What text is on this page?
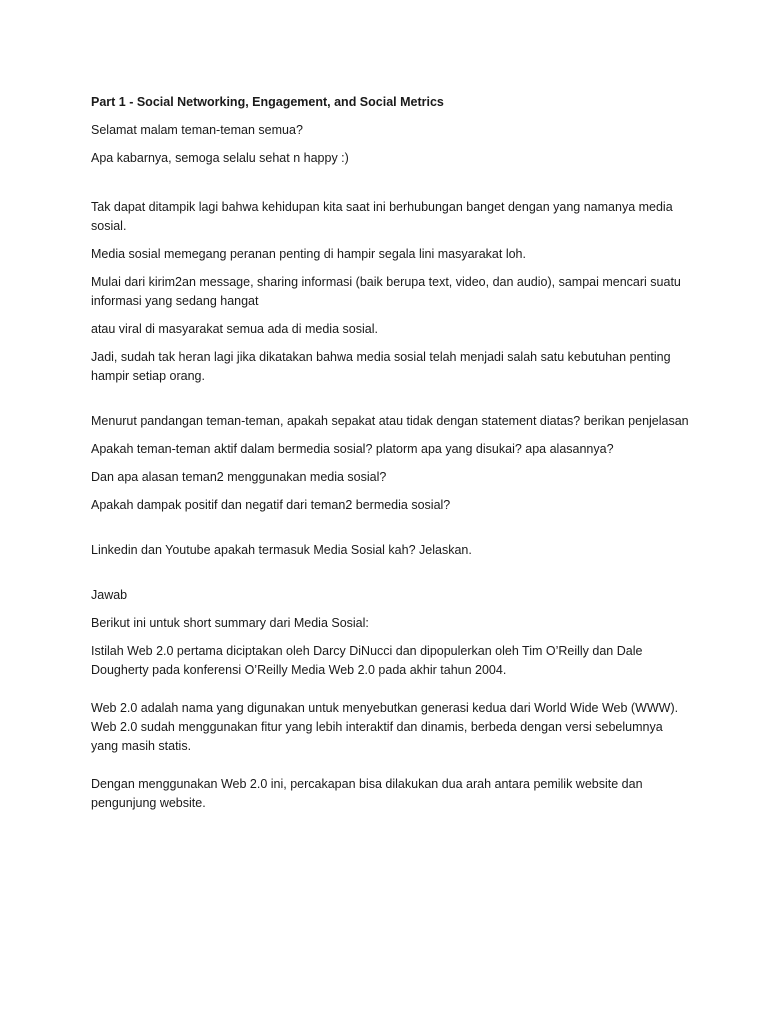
Part 1 - Social Networking, Engagement, and Social Metrics

Selamat malam teman-teman semua?

Apa kabarnya, semoga selalu sehat n happy :)

Tak dapat ditampik lagi bahwa kehidupan kita saat ini berhubungan banget dengan yang namanya media sosial.

Media sosial memegang peranan penting di hampir segala lini masyarakat loh.

Mulai dari kirim2an message, sharing informasi (baik berupa text, video, dan audio), sampai mencari suatu informasi yang sedang hangat

atau viral di masyarakat semua ada di media sosial.

Jadi, sudah tak heran lagi jika dikatakan bahwa media sosial telah menjadi salah satu kebutuhan penting hampir setiap orang.

Menurut pandangan teman-teman, apakah sepakat atau tidak dengan statement diatas? berikan penjelasan

Apakah teman-teman aktif dalam bermedia sosial? platorm apa yang disukai? apa alasannya?

Dan apa alasan teman2 menggunakan media sosial?

Apakah dampak positif dan negatif dari teman2 bermedia sosial?

Linkedin dan Youtube apakah termasuk Media Sosial kah? Jelaskan.

Jawab

Berikut ini untuk short summary dari Media Sosial:

Istilah Web 2.0 pertama diciptakan oleh Darcy DiNucci dan dipopulerkan oleh Tim O’Reilly dan Dale Dougherty pada konferensi O’Reilly Media Web 2.0 pada akhir tahun 2004.

Web 2.0 adalah nama yang digunakan untuk menyebutkan generasi kedua dari World Wide Web (WWW).

Web 2.0 sudah menggunakan fitur yang lebih interaktif dan dinamis, berbeda dengan versi sebelumnya yang masih statis.

Dengan menggunakan Web 2.0 ini, percakapan bisa dilakukan dua arah antara pemilik website dan pengunjung website.
